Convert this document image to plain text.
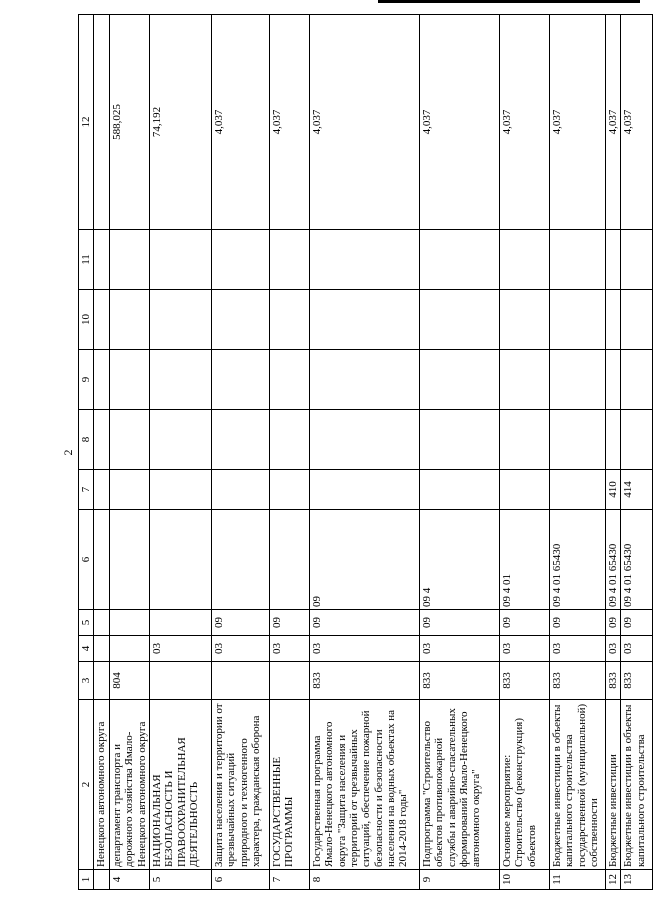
2
1	2	3	4	5	6	7	8	9	10	11	12
	Ненецкого автономного округа										
4	департамент транспорта и дорожного хозяйства Ямало-Ненецкого автономного округа	804									588,025
5	НАЦИОНАЛЬНАЯ БЕЗОПАСНОСТЬ И ПРАВООХРАНИТЕЛЬНАЯ ДЕЯТЕЛЬНОСТЬ		03								74,192
6	Защита населения и территории от чрезвычайных ситуаций природного и техногенного характера, гражданская оборона		03	09							4,037
7	ГОСУДАРСТВЕННЫЕ ПРОГРАММЫ		03	09							4,037
8	Государственная программа Ямало-Ненецкого автономного округа "Защита населения и территорий от чрезвычайных ситуаций, обеспечение пожарной безопасности и безопасности населения на водных объектах на 2014-2018 годы"	833	03	09	09						4,037
9	Подпрограмма "Строительство объектов противопожарной службы и аварийно-спасательных формирований Ямало-Ненецкого автономного округа"	833	03	09	09 4						4,037
10	Основное мероприятие: Строительство (реконструкция) объектов	833	03	09	09 4 01						4,037
11	Бюджетные инвестиции в объекты капитального строительства государственной (муниципальной) собственности	833	03	09	09 4 01 65430						4,037
12	Бюджетные инвестиции	833	03	09	09 4 01 65430	410					4,037
13	Бюджетные инвестиции в объекты капитального строительства	833	03	09	09 4 01 65430	414					4,037
